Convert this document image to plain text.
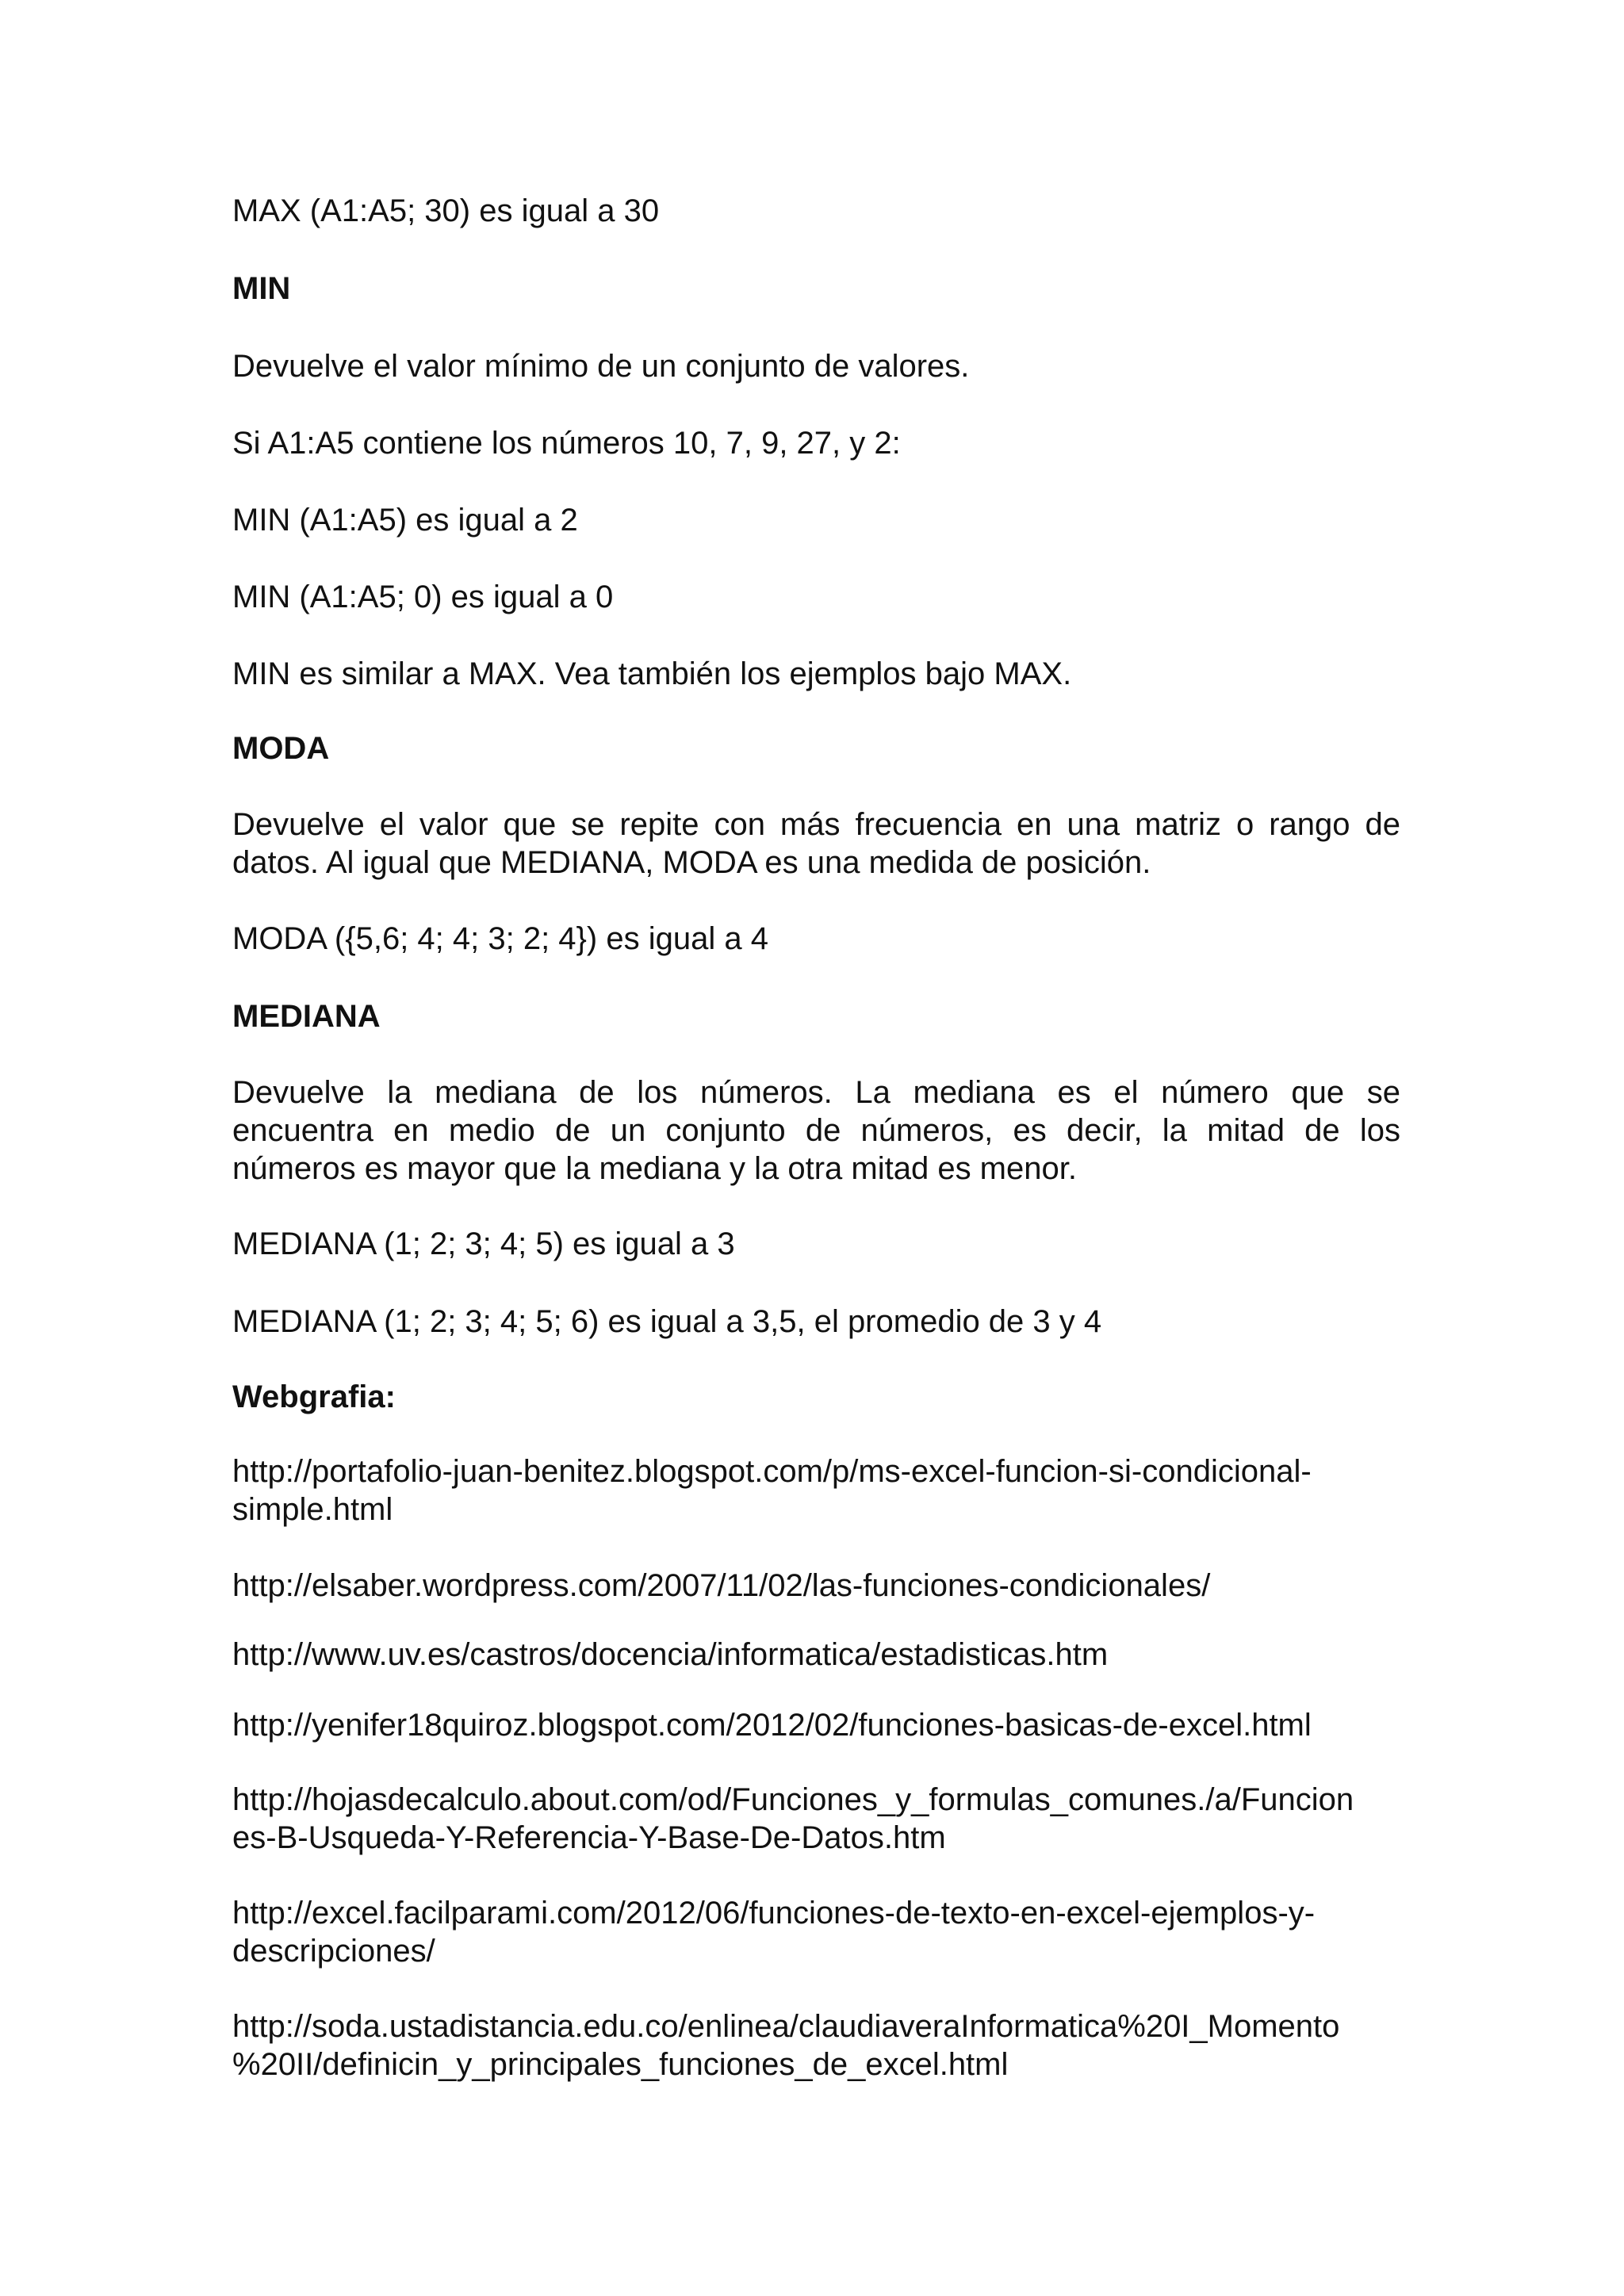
MAX (A1:A5; 30) es igual a 30

MIN

Devuelve el valor mínimo de un conjunto de valores.

Si A1:A5 contiene los números 10, 7, 9, 27, y 2:

MIN (A1:A5) es igual a 2

MIN (A1:A5; 0) es igual a 0

MIN es similar a MAX. Vea también los ejemplos bajo MAX.

MODA

Devuelve el valor que se repite con más frecuencia en una matriz o rango de
datos. Al igual que MEDIANA, MODA es una medida de posición.

MODA ({5,6; 4; 4; 3; 2; 4}) es igual a 4

MEDIANA

Devuelve la mediana de los números. La mediana es el número que se
encuentra en medio de un conjunto de números, es decir, la mitad de los
números es mayor que la mediana y la otra mitad es menor.

MEDIANA (1; 2; 3; 4; 5) es igual a 3

MEDIANA (1; 2; 3; 4; 5; 6) es igual a 3,5, el promedio de 3 y 4

Webgrafia:

http://portafolio-juan-benitez.blogspot.com/p/ms-excel-funcion-si-condicional-
simple.html
http://elsaber.wordpress.com/2007/11/02/las-funciones-condicionales/
http://www.uv.es/castros/docencia/informatica/estadisticas.htm
http://yenifer18quiroz.blogspot.com/2012/02/funciones-basicas-de-excel.html
http://hojasdecalculo.about.com/od/Funciones_y_formulas_comunes./a/Funcion
es-B-Usqueda-Y-Referencia-Y-Base-De-Datos.htm
http://excel.facilparami.com/2012/06/funciones-de-texto-en-excel-ejemplos-y-
descripciones/
http://soda.ustadistancia.edu.co/enlinea/claudiaveraInformatica%20I_Momento
%20II/definicin_y_principales_funciones_de_excel.html
